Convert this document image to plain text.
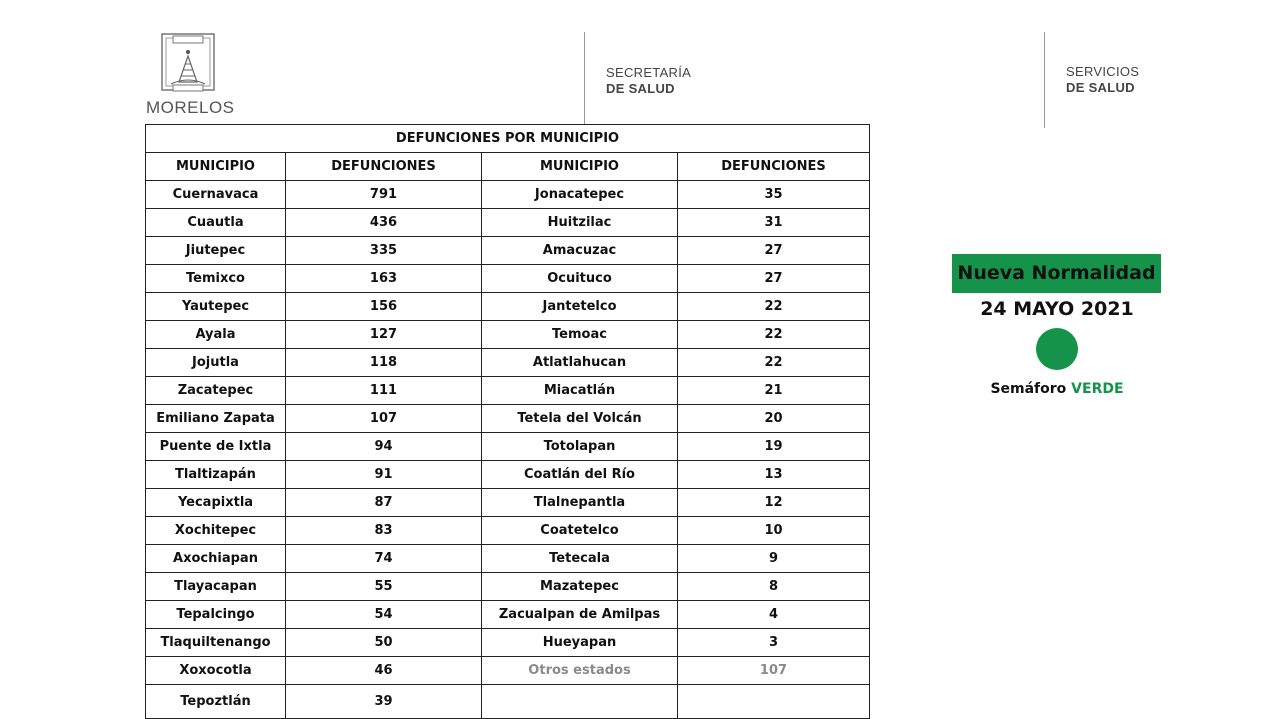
MORELOS
SECRETARÍA
DE SALUD
SERVICIOS
DE SALUD
DEFUNCIONES POR MUNICIPIO			
MUNICIPIO	DEFUNCIONES	MUNICIPIO	DEFUNCIONES
Cuernavaca	791	Jonacatepec	35
Cuautla	436	Huitzilac	31
Jiutepec	335	Amacuzac	27
Temixco	163	Ocuituco	27
Yautepec	156	Jantetelco	22
Ayala	127	Temoac	22
Jojutla	118	Atlatlahucan	22
Zacatepec	111	Miacatlán	21
Emiliano Zapata	107	Tetela del Volcán	20
Puente de Ixtla	94	Totolapan	19
Tlaltizapán	91	Coatlán del Río	13
Yecapixtla	87	Tlalnepantla	12
Xochitepec	83	Coatetelco	10
Axochiapan	74	Tetecala	9
Tlayacapan	55	Mazatepec	8
Tepalcingo	54	Zacualpan de Amilpas	4
Tlaquiltenango	50	Hueyapan	3
Xoxocotla	46	Otros estados	107
Tepoztlán	39		
Nueva Normalidad
24 MAYO 2021
Semáforo VERDE
